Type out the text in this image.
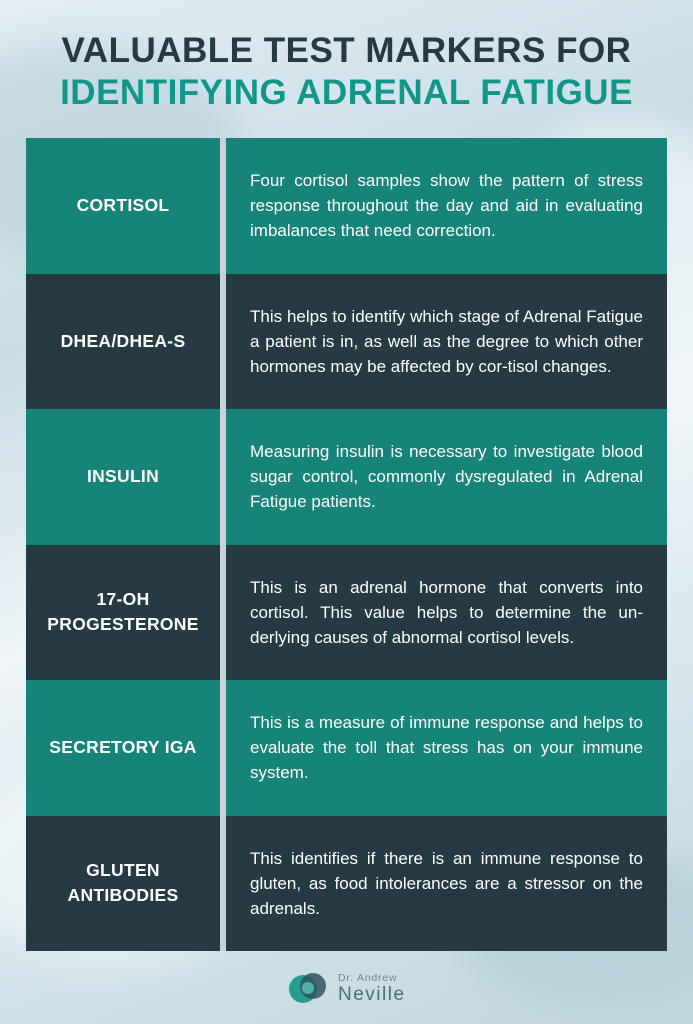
VALUABLE TEST MARKERS FOR
IDENTIFYING ADRENAL FATIGUE
CORTISOL
Four cortisol samples show the pattern of stress response throughout the day and aid in evaluating imbalances that need correction.
DHEA/DHEA-S
This helps to identify which stage of Adrenal Fatigue a patient is in, as well as the degree to which other hormones may be affected by cor-tisol changes.
INSULIN
Measuring insulin is necessary to investigate blood sugar control, commonly dysregulated in Adrenal Fatigue patients.
17-OH
PROGESTERONE
This is an adrenal hormone that converts into cortisol. This value helps to determine the un-derlying causes of abnormal cortisol levels.
SECRETORY IGA
This is a measure of immune response and helps to evaluate the toll that stress has on your immune system.
GLUTEN
ANTIBODIES
This identifies if there is an immune response to gluten, as food intolerances are a stressor on the adrenals.
Dr. Andrew
Neville
